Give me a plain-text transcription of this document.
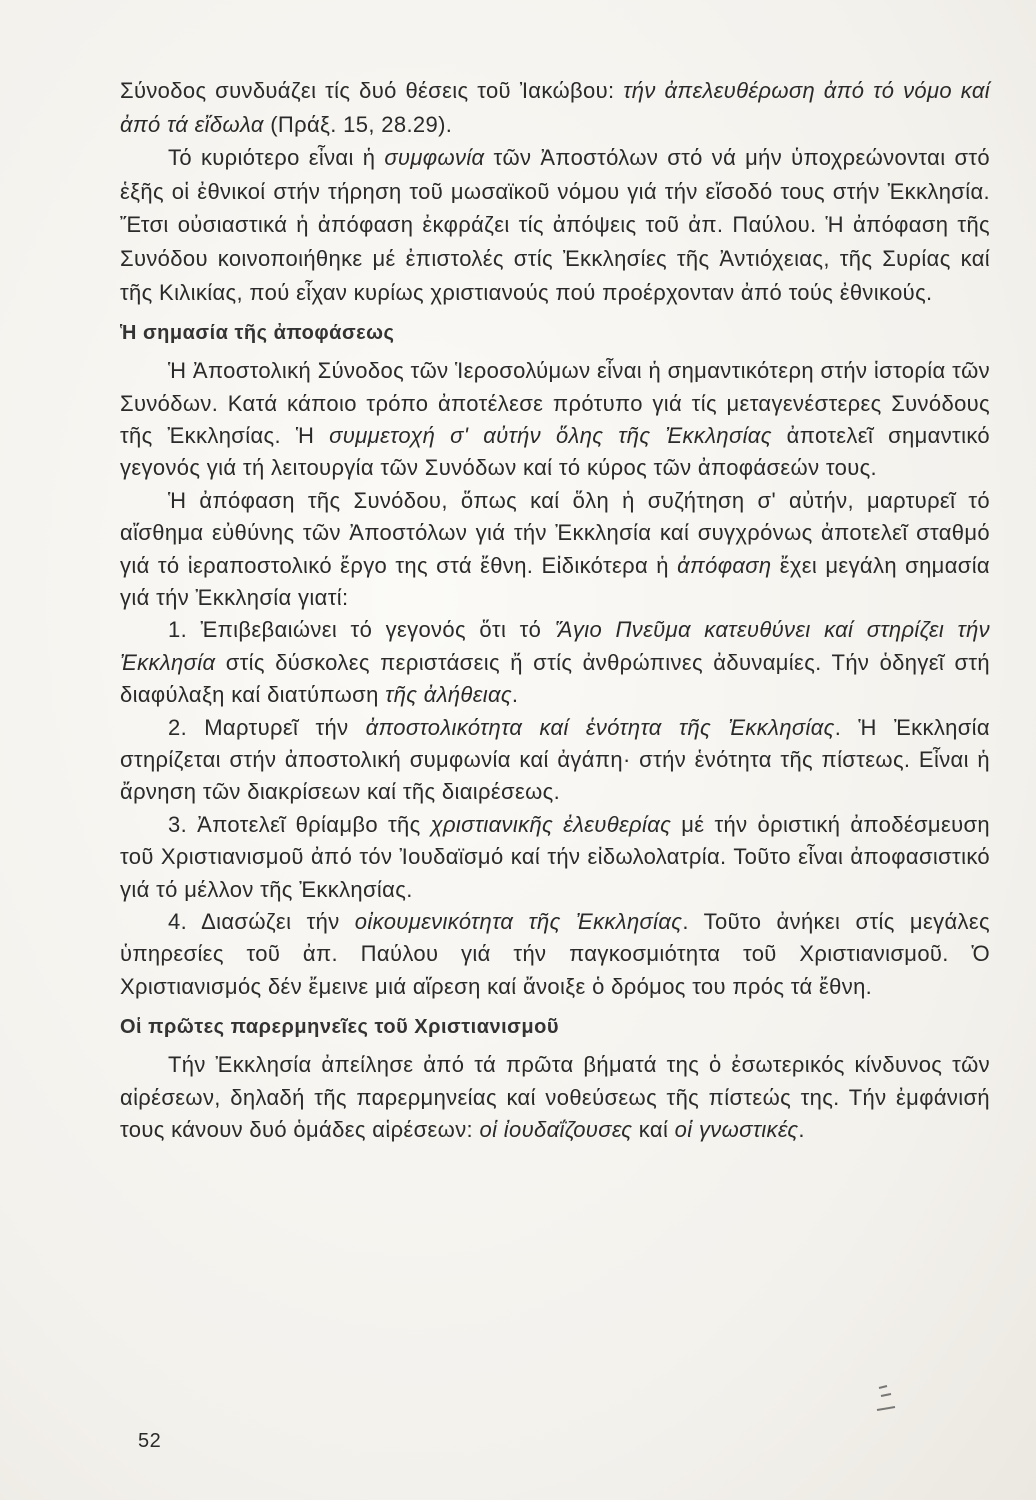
Σύνοδος συνδυάζει τίς δυό θέσεις τοῦ Ἰακώβου: τήν ἀπελευθέρωση ἀπό τό νόμο καί ἀπό τά εἴδωλα (Πράξ. 15, 28.29).

Τό κυριότερο εἶναι ἡ συμφωνία τῶν Ἀποστόλων στό νά μήν ὑποχρεώνονται στό ἑξῆς οἱ ἐθνικοί στήν τήρηση τοῦ μωσαϊκοῦ νόμου γιά τήν εἴσοδό τους στήν Ἐκκλησία. Ἔτσι οὐσιαστικά ἡ ἀπόφαση ἐκφράζει τίς ἀπόψεις τοῦ ἀπ. Παύλου. Ἡ ἀπόφαση τῆς Συνόδου κοινοποιήθηκε μέ ἐπιστολές στίς Ἐκκλησίες τῆς Ἀντιόχειας, τῆς Συρίας καί τῆς Κιλικίας, πού εἶχαν κυρίως χριστιανούς πού προέρχονταν ἀπό τούς ἐθνικούς.

Ἡ σημασία τῆς ἀποφάσεως

Ἡ Ἀποστολική Σύνοδος τῶν Ἱεροσολύμων εἶναι ἡ σημαντικότερη στήν ἱστορία τῶν Συνόδων. Κατά κάποιο τρόπο ἀποτέλεσε πρότυπο γιά τίς μεταγενέστερες Συνόδους τῆς Ἐκκλησίας. Ἡ συμμετοχή σ' αὐτήν ὅλης τῆς Ἐκκλησίας ἀποτελεῖ σημαντικό γεγονός γιά τή λειτουργία τῶν Συνόδων καί τό κύρος τῶν ἀποφάσεών τους.

Ἡ ἀπόφαση τῆς Συνόδου, ὅπως καί ὅλη ἡ συζήτηση σ' αὐτήν, μαρτυρεῖ τό αἴσθημα εὐθύνης τῶν Ἀποστόλων γιά τήν Ἐκκλησία καί συγχρόνως ἀποτελεῖ σταθμό γιά τό ἱεραποστολικό ἔργο της στά ἔθνη. Εἰδικότερα ἡ ἀπόφαση ἔχει μεγάλη σημασία γιά τήν Ἐκκλησία γιατί:

1. Ἐπιβεβαιώνει τό γεγονός ὅτι τό Ἅγιο Πνεῦμα κατευθύνει καί στηρίζει τήν Ἐκκλησία στίς δύσκολες περιστάσεις ἤ στίς ἀνθρώπινες ἀδυναμίες. Τήν ὁδηγεῖ στή διαφύλαξη καί διατύπωση τῆς ἀλήθειας.

2. Μαρτυρεῖ τήν ἀποστολικότητα καί ἑνότητα τῆς Ἐκκλησίας. Ἡ Ἐκκλησία στηρίζεται στήν ἀποστολική συμφωνία καί ἀγάπη· στήν ἑνότητα τῆς πίστεως. Εἶναι ἡ ἄρνηση τῶν διακρίσεων καί τῆς διαιρέσεως.

3. Ἀποτελεῖ θρίαμβο τῆς χριστιανικῆς ἐλευθερίας μέ τήν ὁριστική ἀποδέσμευση τοῦ Χριστιανισμοῦ ἀπό τόν Ἰουδαϊσμό καί τήν εἰδωλολατρία. Τοῦτο εἶναι ἀποφασιστικό γιά τό μέλλον τῆς Ἐκκλησίας.

4. Διασώζει τήν οἰκουμενικότητα τῆς Ἐκκλησίας. Τοῦτο ἀνήκει στίς μεγάλες ὑπηρεσίες τοῦ ἀπ. Παύλου γιά τήν παγκοσμιότητα τοῦ Χριστιανισμοῦ. Ὁ Χριστιανισμός δέν ἔμεινε μιά αἵρεση καί ἄνοιξε ὁ δρόμος του πρός τά ἔθνη.

Οἱ πρῶτες παρερμηνεῖες τοῦ Χριστιανισμοῦ

Τήν Ἐκκλησία ἀπείλησε ἀπό τά πρῶτα βήματά της ὁ ἐσωτερικός κίνδυνος τῶν αἱρέσεων, δηλαδή τῆς παρερμηνείας καί νοθεύσεως τῆς πίστεώς της. Τήν ἐμφάνισή τους κάνουν δυό ὁμάδες αἱρέσεων: οἱ ἰουδαΐζουσες καί οἱ γνωστικές.

52
